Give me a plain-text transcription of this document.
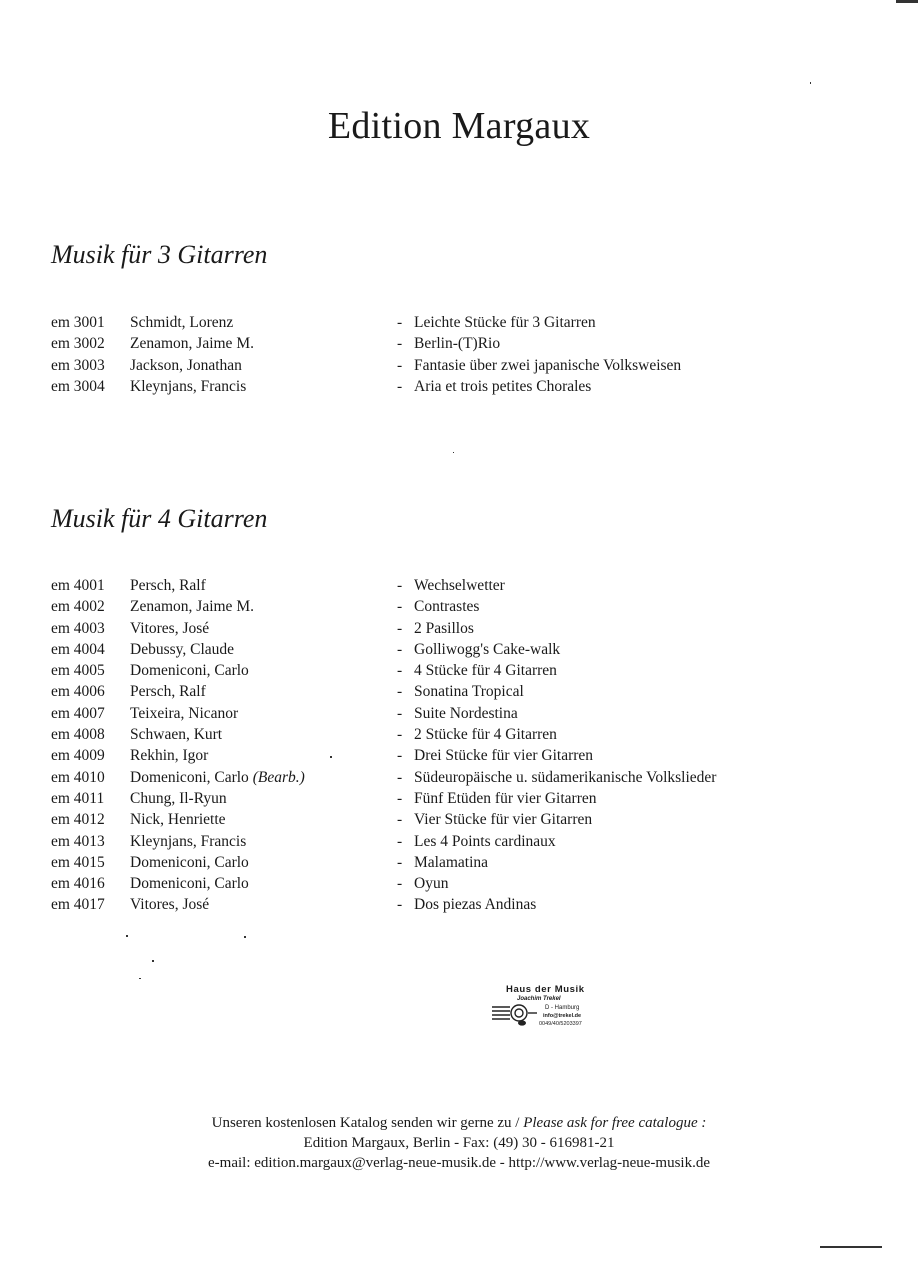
Edition Margaux
Musik für 3 Gitarren
em 3001 Schmidt, Lorenz	- Leichte Stücke für 3 Gitarren
em 3002 Zenamon, Jaime M.	- Berlin-(T)Rio
em 3003 Jackson, Jonathan	- Fantasie über zwei japanische Volksweisen
em 3004 Kleynjans, Francis	- Aria et trois petites Chorales
Musik für 4 Gitarren
em 4001 Persch, Ralf	- Wechselwetter
em 4002 Zenamon, Jaime M.	- Contrastes
em 4003 Vitores, José	- 2 Pasillos
em 4004 Debussy, Claude	- Golliwogg's Cake-walk
em 4005 Domeniconi, Carlo	- 4 Stücke für 4 Gitarren
em 4006 Persch, Ralf	- Sonatina Tropical
em 4007 Teixeira, Nicanor	- Suite Nordestina
em 4008 Schwaen, Kurt	- 2 Stücke für 4 Gitarren
em 4009 Rekhin, Igor	- Drei Stücke für vier Gitarren
em 4010 Domeniconi, Carlo (Bearb.)	- Südeuropäische u. südamerikanische Volkslieder
em 4011 Chung, Il-Ryun	- Fünf Etüden für vier Gitarren
em 4012 Nick, Henriette	- Vier Stücke für vier Gitarren
em 4013 Kleynjans, Francis	- Les 4 Points cardinaux
em 4015 Domeniconi, Carlo	- Malamatina
em 4016 Domeniconi, Carlo	- Oyun
em 4017 Vitores, José	- Dos piezas Andinas
Haus der Musik
Joachim Trekel
D - Hamburg
info@trekel.de
0049/40/5203397
Unseren kostenlosen Katalog senden wir gerne zu / Please ask for free catalogue :
Edition Margaux, Berlin - Fax: (49) 30 - 616981-21
e-mail: edition.margaux@verlag-neue-musik.de - http://www.verlag-neue-musik.de
